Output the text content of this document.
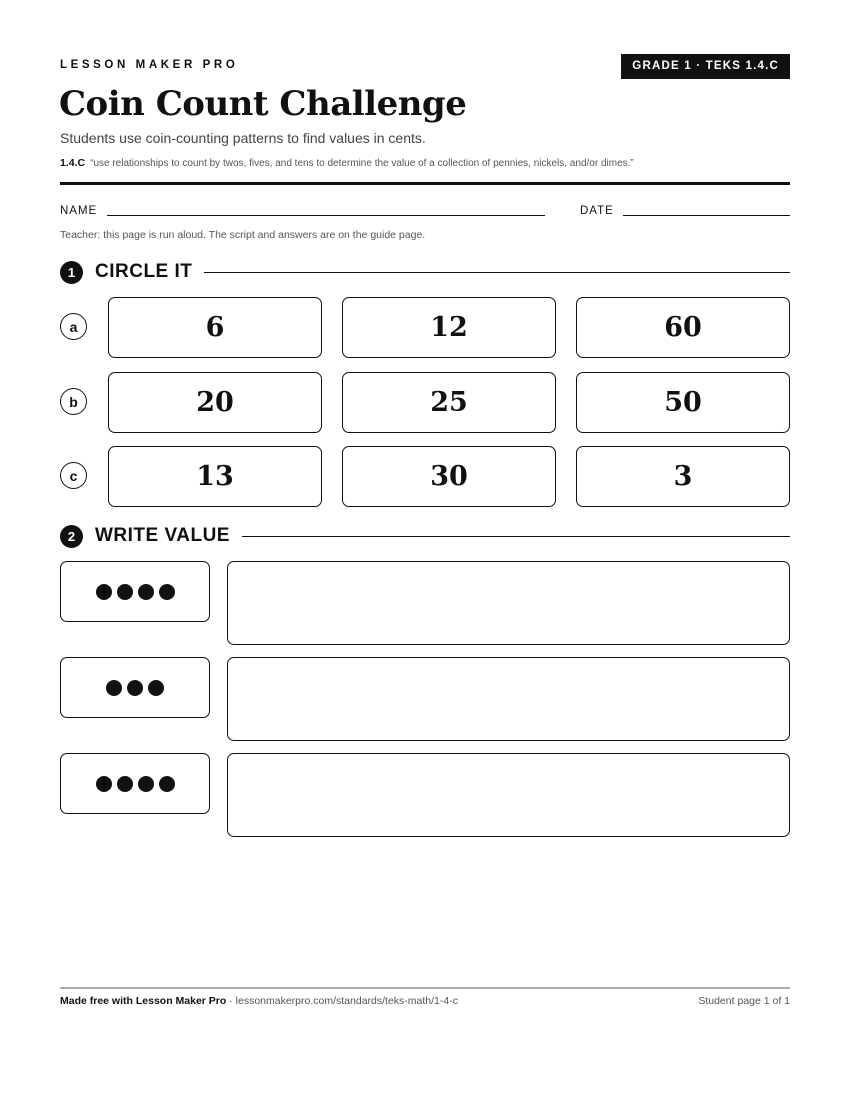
LESSON MAKER PRO	GRADE 1 · TEKS 1.4.C
Coin Count Challenge
Students use coin-counting patterns to find values in cents.
1.4.C “use relationships to count by twos, fives, and tens to determine the value of a collection of pennies, nickels, and/or dimes.”
NAME	DATE
Teacher: this page is run aloud. The script and answers are on the guide page.
1	CIRCLE IT
a	6	12	60
b	20	25	50
c	13	30	3
2	WRITE VALUE
Made free with Lesson Maker Pro · lessonmakerpro.com/standards/teks-math/1-4-c	Student page 1 of 1
